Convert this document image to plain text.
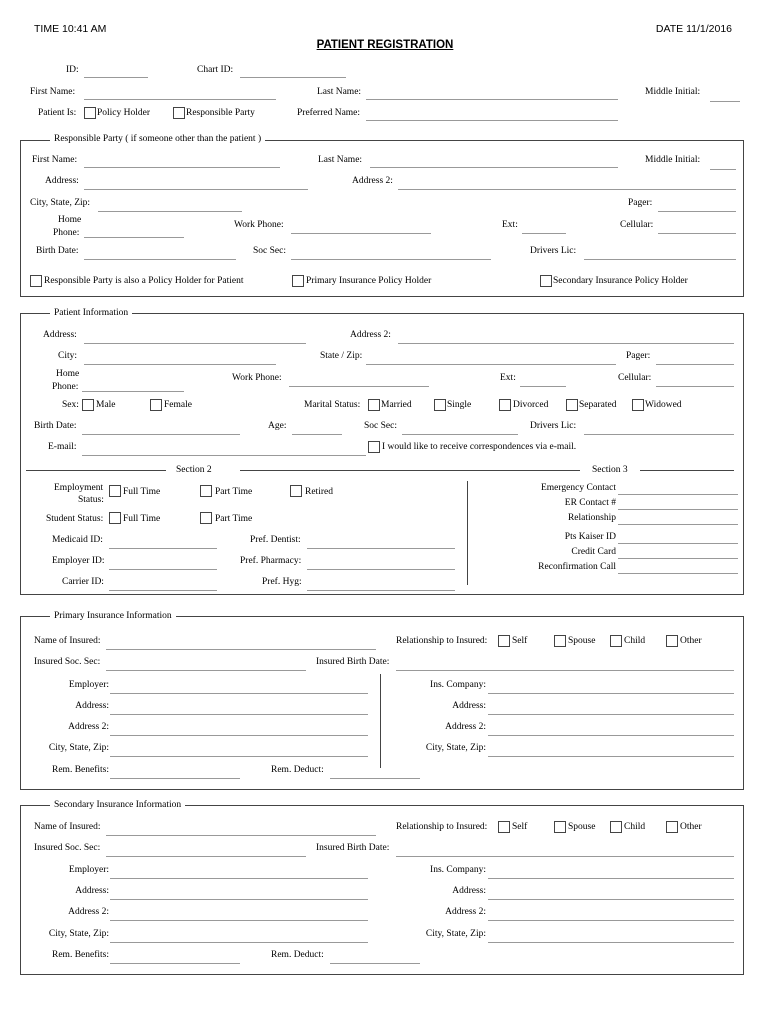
TIME 10:41 AM	DATE 11/1/2016
PATIENT REGISTRATION
ID:	Chart ID:
First Name:	Last Name:	Middle Initial:
Patient Is: Policy Holder	Responsible Party	Preferred Name:
Responsible Party ( if someone other than the patient )
First Name:	Last Name:	Middle Initial:
Address:	Address 2:
City, State, Zip:	Pager:
Home
Phone:
Work Phone:	Ext:	Cellular:
Birth Date:	Soc Sec:	Drivers Lic:
Responsible Party is also a Policy Holder for Patient	Primary Insurance Policy Holder	Secondary Insurance Policy Holder
Patient Information
Address:	Address 2:
City:	State / Zip:	Pager:
Home
Phone:
Work Phone:	Ext:	Cellular:
Sex: Male	Female	Marital Status: Married	Single	Divorced	Separated	Widowed
Birth Date:	Age:	Soc Sec:	Drivers Lic:
E-mail:	I would like to receive correspondences via e-mail.
Section 2	Section 3
Employment
Status:
Full Time	Part Time	Retired
Student Status: Full Time	Part Time
Medicaid ID:	Pref. Dentist:
Employer ID:	Pref. Pharmacy:
Carrier ID:	Pref. Hyg:
Emergency Contact
ER Contact #
Relationship
Pts Kaiser ID
Credit Card
Reconfirmation Call
Primary Insurance Information
Name of Insured:	Relationship to Insured:	Self	Spouse	Child	Other
Insured Soc. Sec:	Insured Birth Date:
Employer:	Ins. Company:
Address:	Address:
Address 2:	Address 2:
City, State, Zip:	City, State, Zip:
Rem. Benefits:	Rem. Deduct:
Secondary Insurance Information
Name of Insured:	Relationship to Insured:	Self	Spouse	Child	Other
Insured Soc. Sec:	Insured Birth Date:
Employer:	Ins. Company:
Address:	Address:
Address 2:	Address 2:
City, State, Zip:	City, State, Zip:
Rem. Benefits:	Rem. Deduct:
